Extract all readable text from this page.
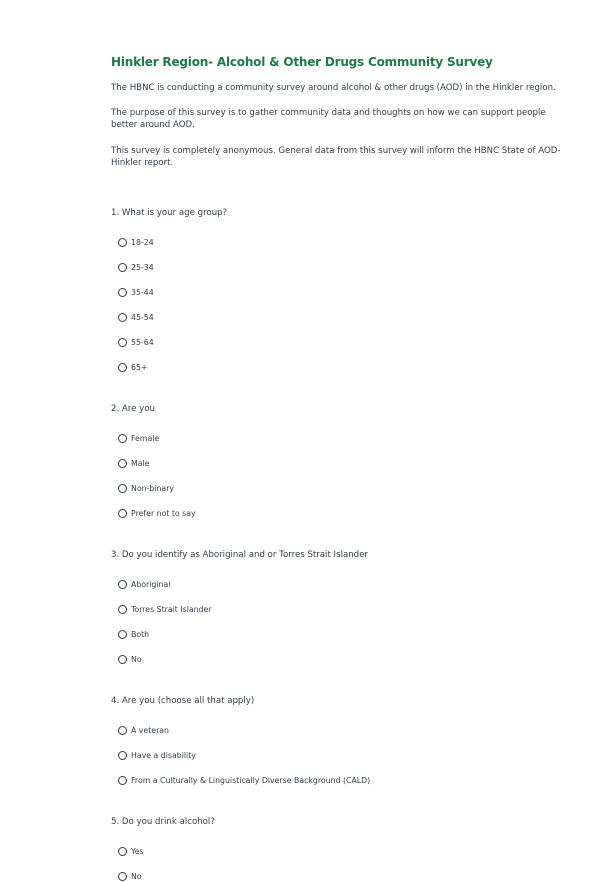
Hinkler Region- Alcohol & Other Drugs Community Survey

The HBNC is conducting a community survey around alcohol & other drugs (AOD) in the Hinkler region.

The purpose of this survey is to gather community data and thoughts on how we can support people better around AOD.

This survey is completely anonymous. General data from this survey will inform the HBNC State of AOD- Hinkler report.

1. What is your age group?
18-24
25-34
35-44
45-54
55-64
65+
2. Are you
Female
Male
Non-binary
Prefer not to say
3. Do you identify as Aboriginal and or Torres Strait Islander
Aboriginal
Torres Strait Islander
Both
No
4. Are you (choose all that apply)
A veteran
Have a disability
From a Culturally & Linguistically Diverse Background (CALD)
5. Do you drink alcohol?
Yes
No
